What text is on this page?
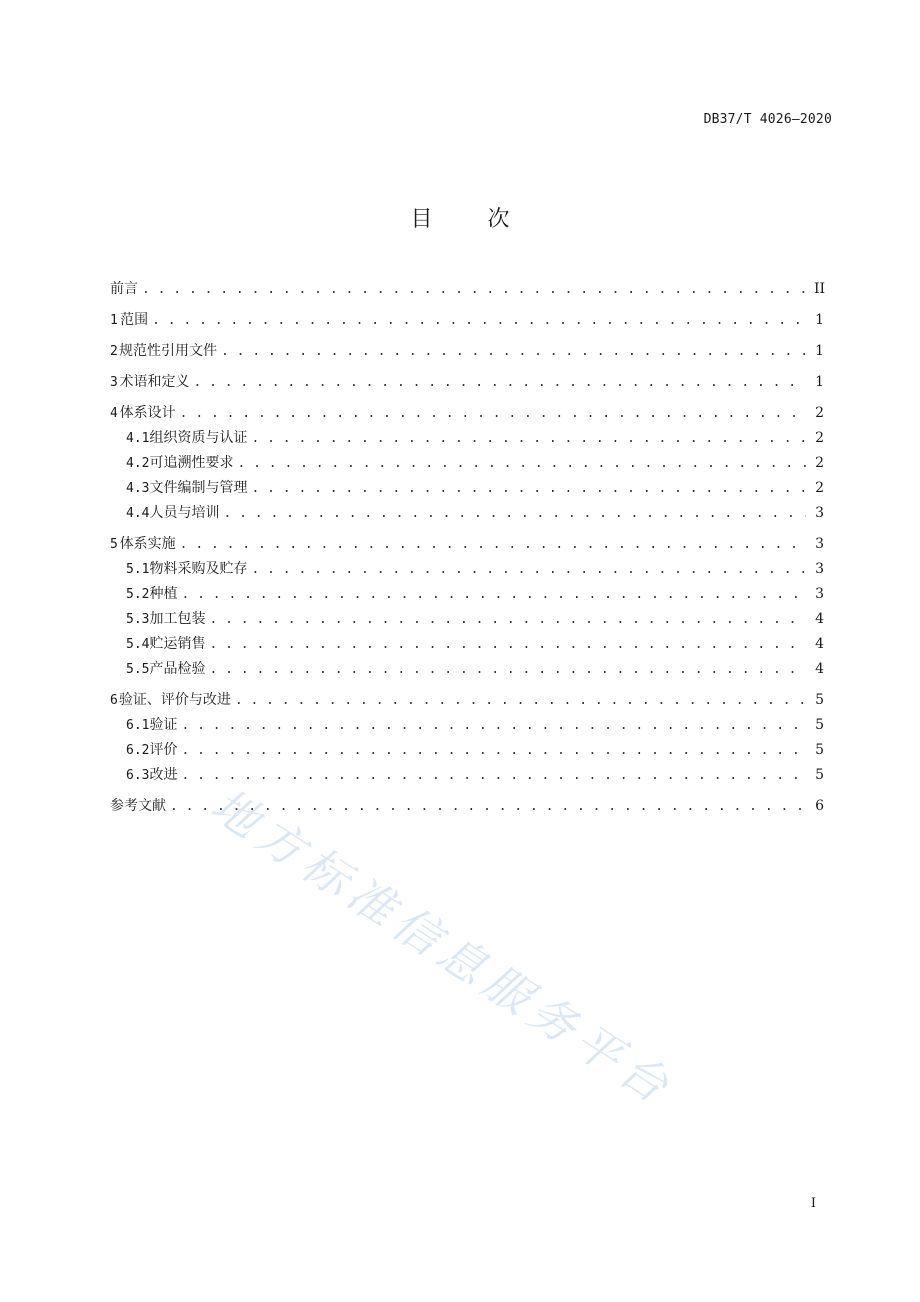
DB37/T 4026—2020
目 次
前言 . . .	II
1 范围 . . .	1
2 规范性引用文件 . . .	1
3 术语和定义 . . .	1
4 体系设计 . . .	2
4.1 组织资质与认证 . . .	2
4.2 可追溯性要求 . . .	2
4.3 文件编制与管理 . . .	2
4.4 人员与培训 . . .	3
5 体系实施 . . .	3
5.1 物料采购及贮存 . . .	3
5.2 种植 . . .	3
5.3 加工包装 . . .	4
5.4 贮运销售 . . .	4
5.5 产品检验 . . .	4
6 验证、评价与改进 . . .	5
6.1 验证 . . .	5
6.2 评价 . . .	5
6.3 改进 . . .	5
参考文献 . . .	6
地方标准信息服务平台
I
